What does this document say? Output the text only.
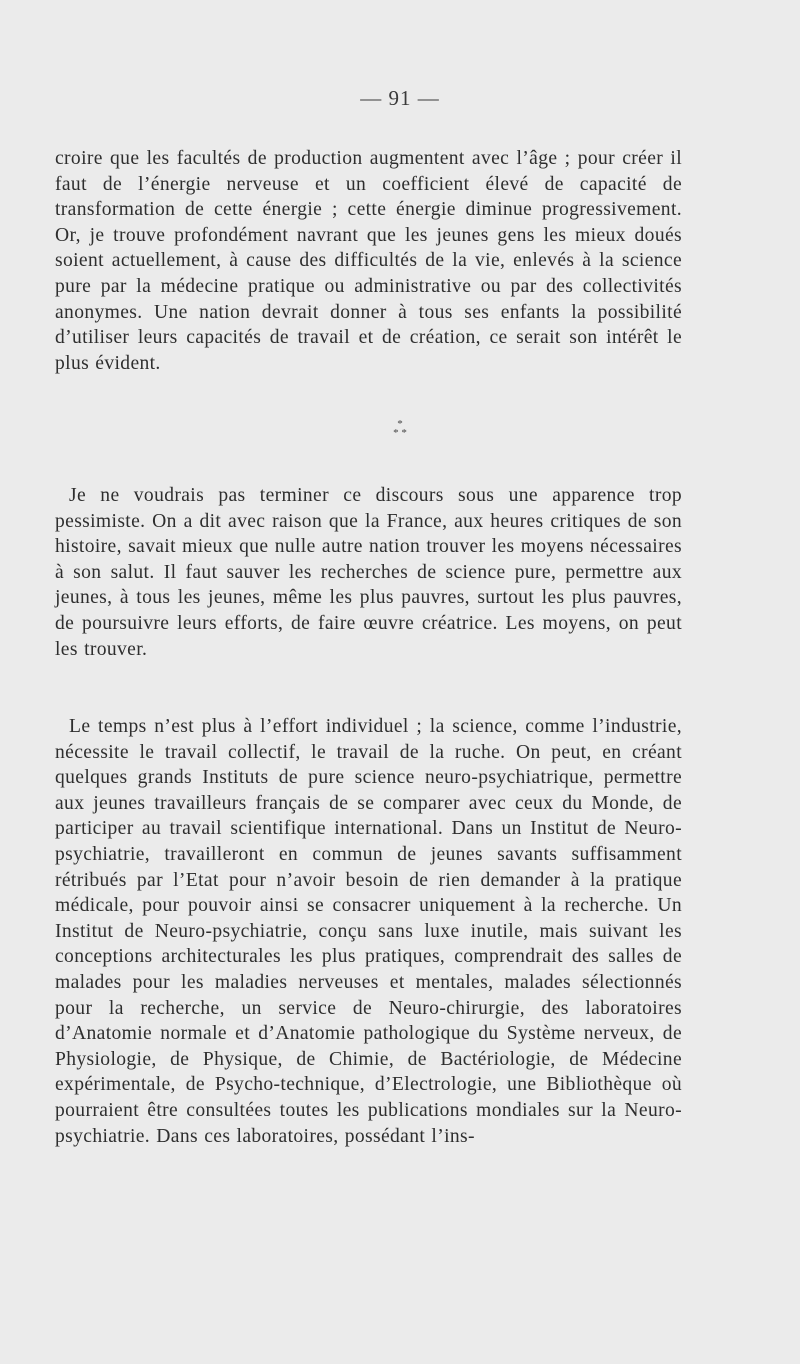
— 91 —

croire que les facultés de production augmentent avec l’âge ; pour créer il faut de l’énergie nerveuse et un coefficient élevé de capacité de transformation de cette énergie ; cette énergie diminue progressivement. Or, je trouve profondément navrant que les jeunes gens les mieux doués soient actuellement, à cause des difficultés de la vie, enlevés à la science pure par la médecine pratique ou administrative ou par des collectivités anonymes. Une nation devrait donner à tous ses enfants la possibilité d’utiliser leurs capacités de travail et de création, ce serait son intérêt le plus évident.

*
* *

Je ne voudrais pas terminer ce discours sous une apparence trop pessimiste. On a dit avec raison que la France, aux heures critiques de son histoire, savait mieux que nulle autre nation trouver les moyens nécessaires à son salut. Il faut sauver les recherches de science pure, permettre aux jeunes, à tous les jeunes, même les plus pauvres, surtout les plus pauvres, de poursuivre leurs efforts, de faire œuvre créatrice. Les moyens, on peut les trouver.

Le temps n’est plus à l’effort individuel ; la science, comme l’industrie, nécessite le travail collectif, le travail de la ruche. On peut, en créant quelques grands Instituts de pure science neuro-psychiatrique, permettre aux jeunes travailleurs français de se comparer avec ceux du Monde, de participer au travail scientifique international. Dans un Institut de Neuro-psychiatrie, travailleront en commun de jeunes savants suffisamment rétribués par l’Etat pour n’avoir besoin de rien demander à la pratique médicale, pour pouvoir ainsi se consacrer uniquement à la recherche. Un Institut de Neuro-psychiatrie, conçu sans luxe inutile, mais suivant les conceptions architecturales les plus pratiques, comprendrait des salles de malades pour les maladies nerveuses et mentales, malades sélectionnés pour la recherche, un service de Neuro-chirurgie, des laboratoires d’Anatomie normale et d’Anatomie pathologique du Système nerveux, de Physiologie, de Physique, de Chimie, de Bactériologie, de Médecine expérimentale, de Psycho-technique, d’Electrologie, une Bibliothèque où pourraient être consultées toutes les publications mondiales sur la Neuro-psychiatrie. Dans ces laboratoires, possédant l’ins-
